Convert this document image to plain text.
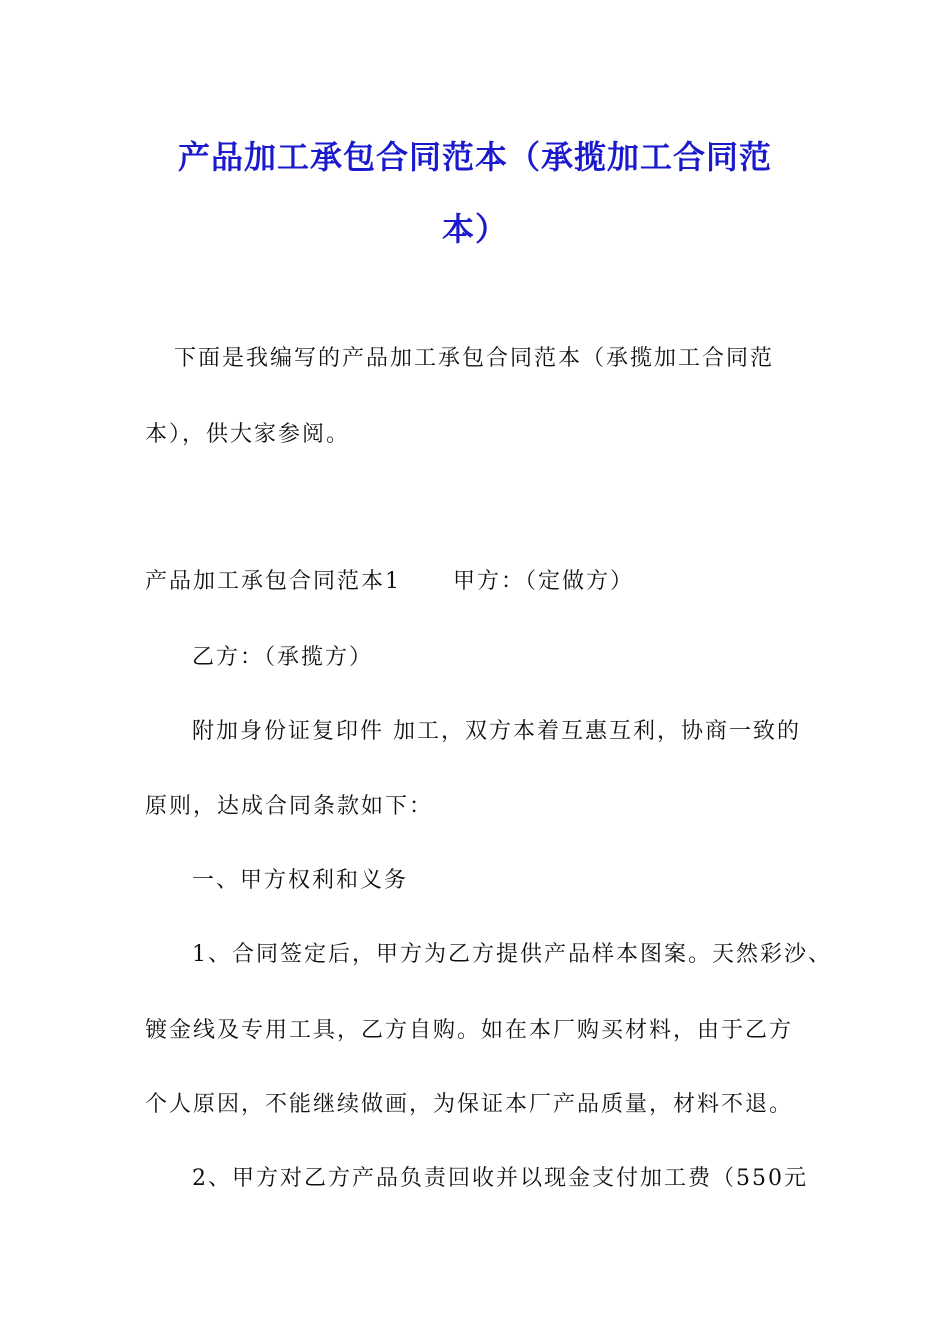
产品加工承包合同范本（承揽加工合同范
本）
下面是我编写的产品加工承包合同范本（承揽加工合同范
本），供大家参阅。
产品加工承包合同范本1 甲方：（定做方）
乙方：（承揽方）
附加身份证复印件 加工，双方本着互惠互利，协商一致的
原则，达成合同条款如下：
一、甲方权利和义务
1、合同签定后，甲方为乙方提供产品样本图案。天然彩沙、
镀金线及专用工具，乙方自购。如在本厂购买材料，由于乙方
个人原因，不能继续做画，为保证本厂产品质量，材料不退。
2、甲方对乙方产品负责回收并以现金支付加工费（550元
